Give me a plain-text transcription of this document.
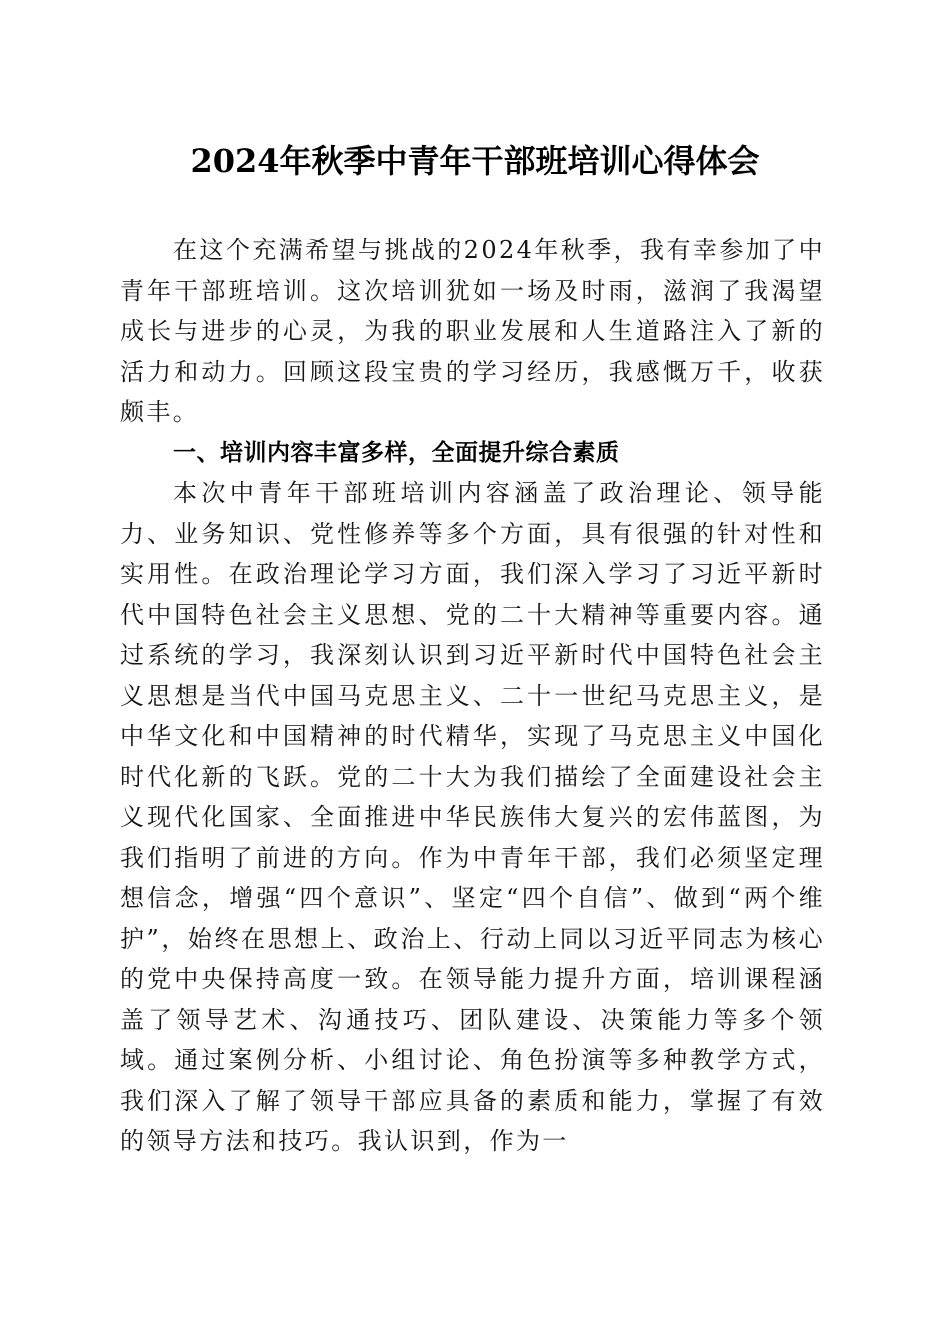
2024年秋季中青年干部班培训心得体会

在这个充满希望与挑战的2024年秋季，我有幸参加了中青年干部班培训。这次培训犹如一场及时雨，滋润了我渴望成长与进步的心灵，为我的职业发展和人生道路注入了新的活力和动力。回顾这段宝贵的学习经历，我感慨万千，收获颇丰。

一、培训内容丰富多样，全面提升综合素质

本次中青年干部班培训内容涵盖了政治理论、领导能力、业务知识、党性修养等多个方面，具有很强的针对性和实用性。在政治理论学习方面，我们深入学习了习近平新时代中国特色社会主义思想、党的二十大精神等重要内容。通过系统的学习，我深刻认识到习近平新时代中国特色社会主义思想是当代中国马克思主义、二十一世纪马克思主义，是中华文化和中国精神的时代精华，实现了马克思主义中国化时代化新的飞跃。党的二十大为我们描绘了全面建设社会主义现代化国家、全面推进中华民族伟大复兴的宏伟蓝图，为我们指明了前进的方向。作为中青年干部，我们必须坚定理想信念，增强“四个意识”、坚定“四个自信”、做到“两个维护”，始终在思想上、政治上、行动上同以习近平同志为核心的党中央保持高度一致。在领导能力提升方面，培训课程涵盖了领导艺术、沟通技巧、团队建设、决策能力等多个领域。通过案例分析、小组讨论、角色扮演等多种教学方式，我们深入了解了领导干部应具备的素质和能力，掌握了有效的领导方法和技巧。我认识到，作为一
